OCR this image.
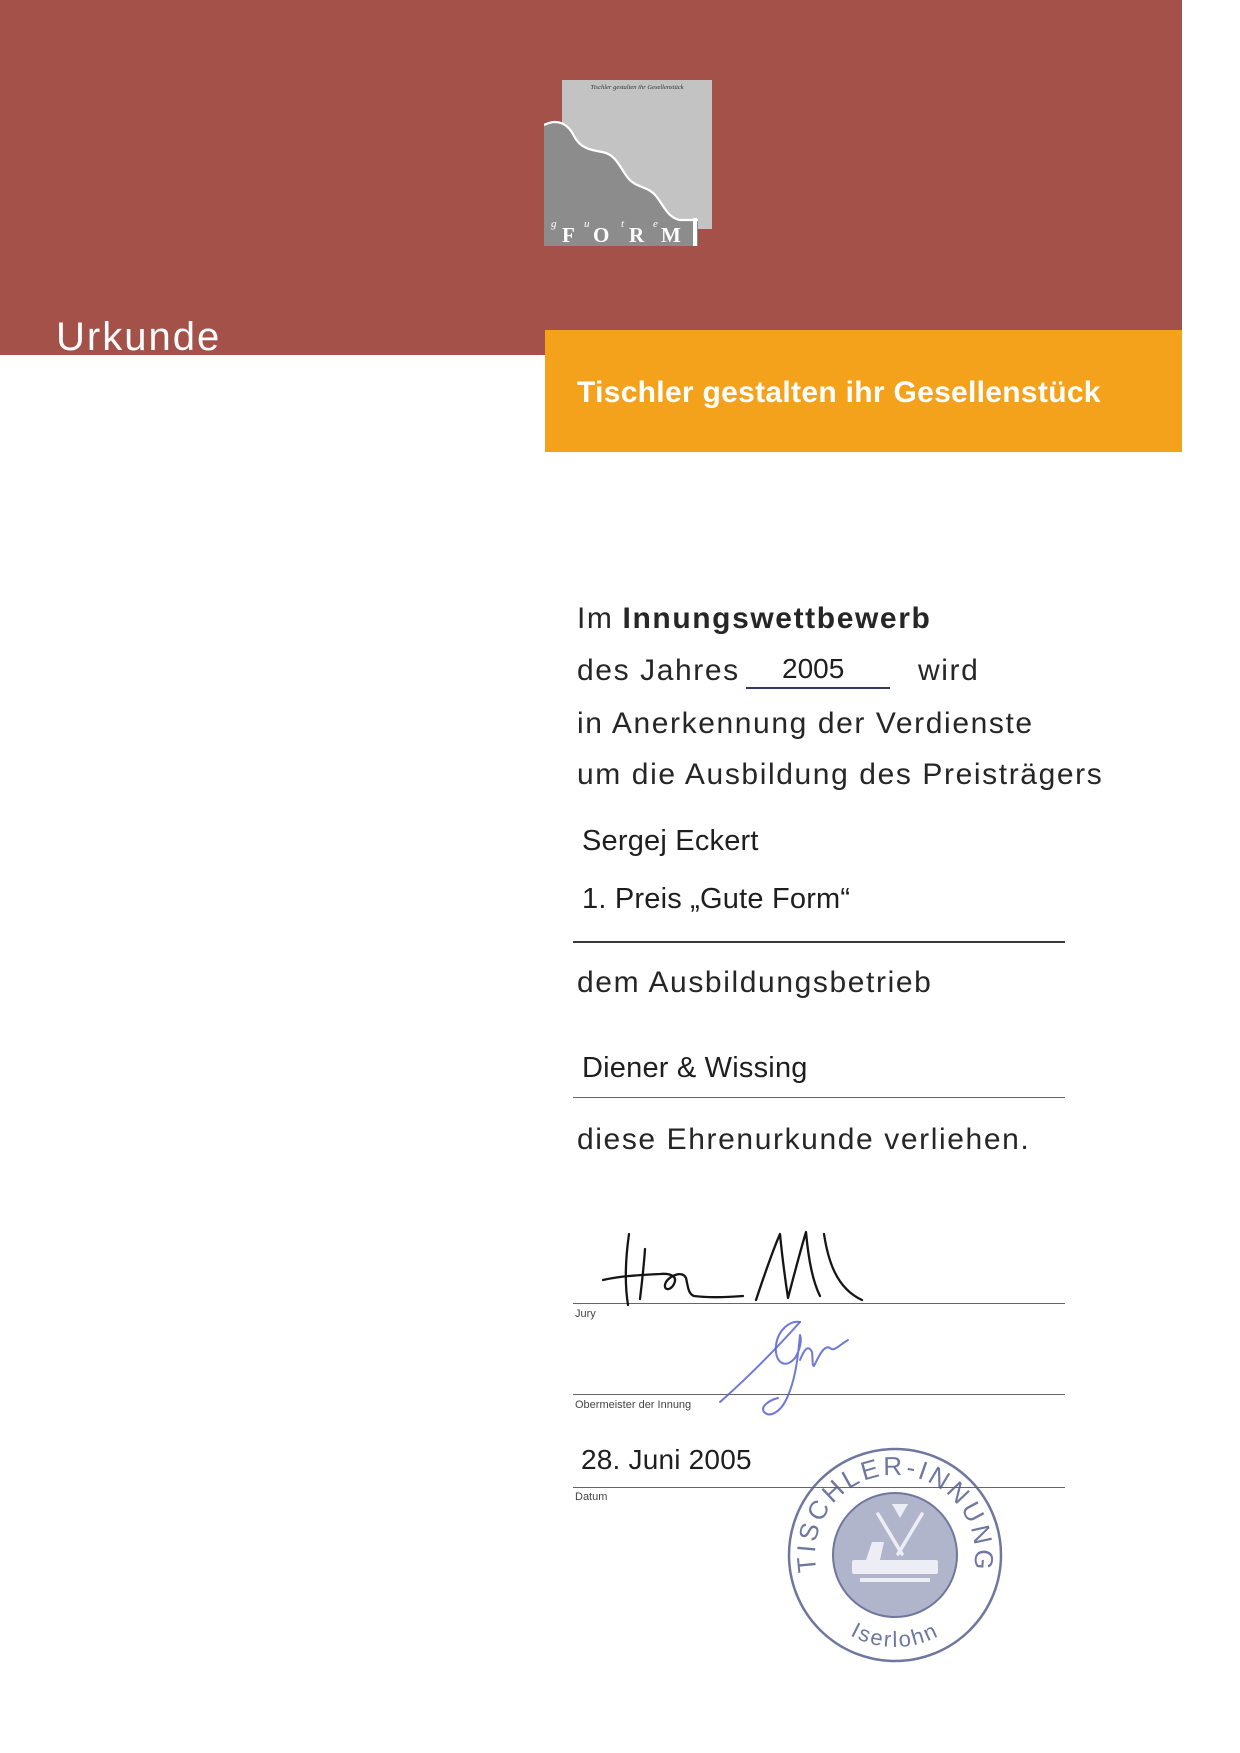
Tischler gestalten ihr Gesellenstück
g F u O t R e M
Urkunde
Tischler gestalten ihr Gesellenstück
Im Innungswettbewerb
des Jahres 2005 wird
in Anerkennung der Verdienste
um die Ausbildung des Preisträgers
Sergej Eckert
1. Preis „Gute Form“
dem Ausbildungsbetrieb
Diener & Wissing
diese Ehrenurkunde verliehen.
Jury
Obermeister der Innung
28. Juni 2005
Datum
TISCHLER-INNUNG
Iserlohn
